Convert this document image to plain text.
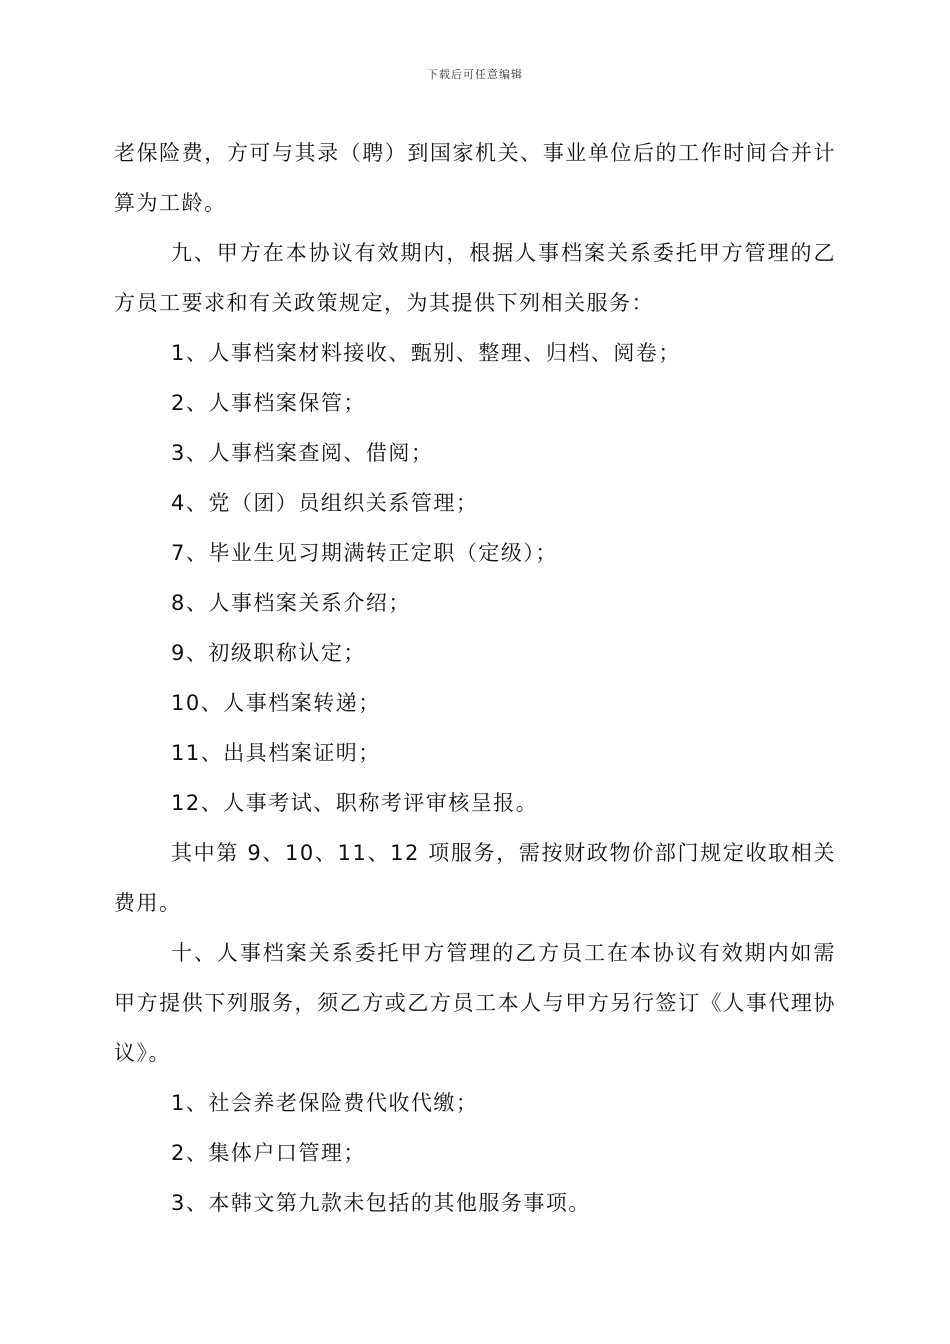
下载后可任意编辑

老保险费，方可与其录（聘）到国家机关、事业单位后的工作时间合并计算为工龄。

九、甲方在本协议有效期内，根据人事档案关系委托甲方管理的乙方员工要求和有关政策规定，为其提供下列相关服务：

1、人事档案材料接收、甄别、整理、归档、阅卷；

2、人事档案保管；

3、人事档案查阅、借阅；

4、党（团）员组织关系管理；

7、毕业生见习期满转正定职（定级）；

8、人事档案关系介绍；

9、初级职称认定；

10、人事档案转递；

11、出具档案证明；

12、人事考试、职称考评审核呈报。

其中第 9、10、11、12 项服务，需按财政物价部门规定收取相关费用。

十、人事档案关系委托甲方管理的乙方员工在本协议有效期内如需甲方提供下列服务，须乙方或乙方员工本人与甲方另行签订《人事代理协议》。

1、社会养老保险费代收代缴；

2、集体户口管理；

3、本韩文第九款未包括的其他服务事项。
